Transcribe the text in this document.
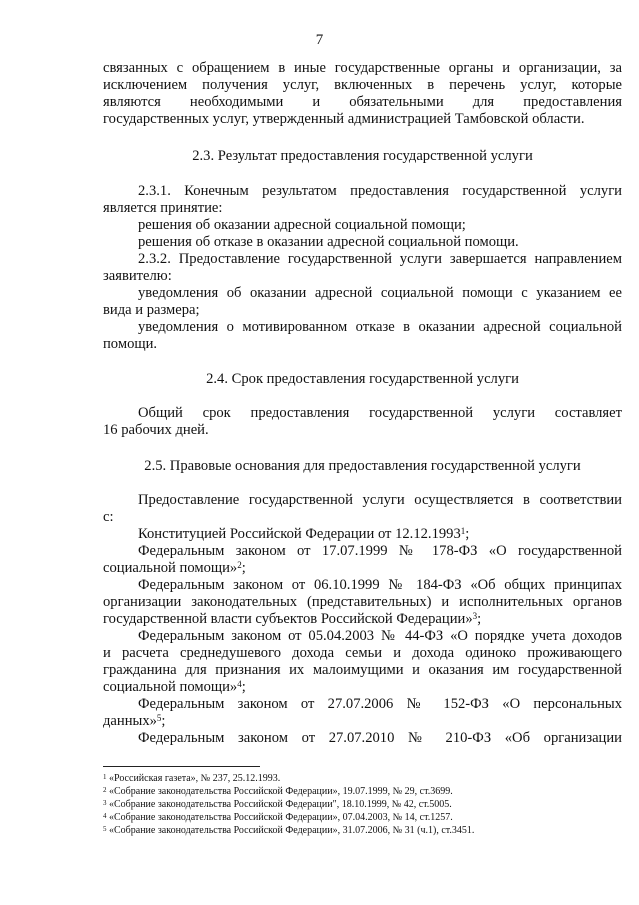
7
связанных с обращением в иные государственные органы и организации, за
исключением получения услуг, включенных в перечень услуг, которые
являются необходимыми и обязательными для предоставления
государственных услуг, утвержденный администрацией Тамбовской области.
2.3. Результат предоставления государственной услуги
2.3.1. Конечным результатом предоставления государственной услуги
является принятие:
решения об оказании адресной социальной помощи;
решения об отказе в оказании адресной социальной помощи.
2.3.2. Предоставление государственной услуги завершается направлением
заявителю:
уведомления об оказании адресной социальной помощи с указанием ее
вида и размера;
уведомления о мотивированном отказе в оказании адресной социальной
помощи.
2.4. Срок предоставления государственной услуги
Общий срок предоставления государственной услуги составляет
16 рабочих дней.
2.5. Правовые основания для предоставления государственной услуги
Предоставление государственной услуги осуществляется в соответствии
с:
Конституцией Российской Федерации от 12.12.1993$^1$;
Федеральным законом от 17.07.1999 № 178-ФЗ «О государственной
социальной помощи»$^2$;
Федеральным законом от 06.10.1999 № 184-ФЗ «Об общих принципах
организации законодательных (представительных) и исполнительных органов
государственной власти субъектов Российской Федерации»$^3$;
Федеральным законом от 05.04.2003 № 44-ФЗ «О порядке учета доходов
и расчета среднедушевого дохода семьи и дохода одиноко проживающего
гражданина для признания их малоимущими и оказания им государственной
социальной помощи»$^4$;
Федеральным законом от 27.07.2006 № 152-ФЗ «О персональных
данных»$^5$;
Федеральным законом от 27.07.2010 № 210-ФЗ «Об организации
$^1$ «Российская газета», № 237, 25.12.1993.
$^2$ «Собрание законодательства Российской Федерации», 19.07.1999, № 29, ст.3699.
$^3$ «Собрание законодательства Российской Федерации", 18.10.1999, № 42, ст.5005.
$^4$ «Собрание законодательства Российской Федерации», 07.04.2003, № 14, ст.1257.
$^5$ «Собрание законодательства Российской Федерации», 31.07.2006, № 31 (ч.1), ст.3451.
